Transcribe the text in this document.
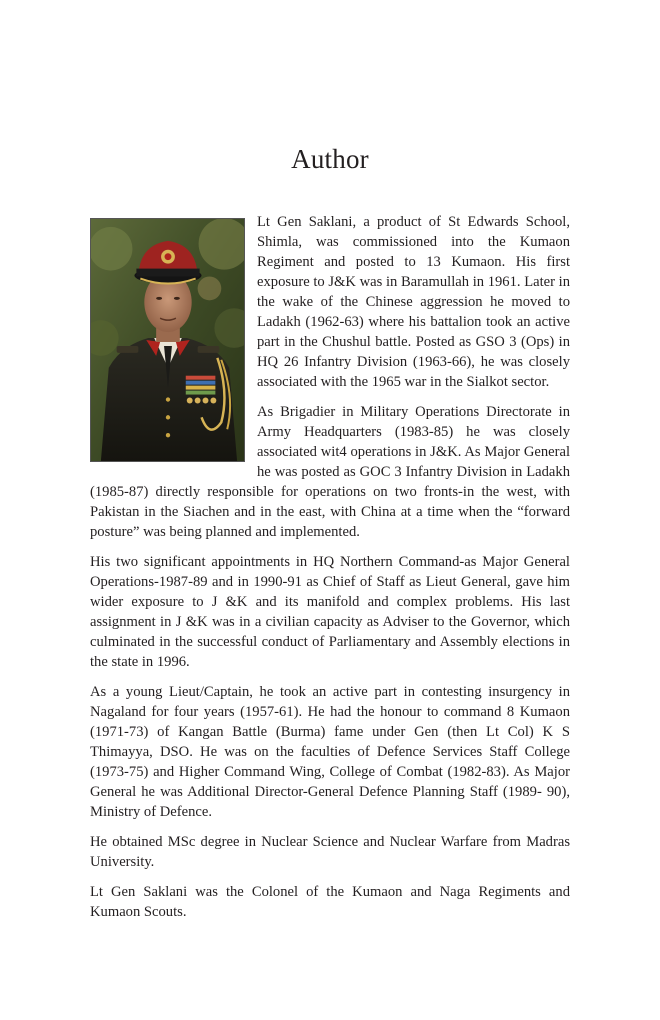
Author

Lt Gen Saklani, a product of St Edwards School, Shimla, was commissioned into the Kumaon Regiment and posted to 13 Kumaon. His first exposure to J&K was in Baramullah in 1961. Later in the wake of the Chinese aggression he moved to Ladakh (1962-63) where his battalion took an active part in the Chushul battle. Posted as GSO 3 (Ops) in HQ 26 Infantry Division (1963-66), he was closely associated with the 1965 war in the Sialkot sector.

As Brigadier in Military Operations Directorate in Army Headquarters (1983-85) he was closely associated wit4 operations in J&K. As Major General he was posted as GOC 3 Infantry Division in Ladakh (1985-87) directly responsible for operations on two fronts-in the west, with Pakistan in the Siachen and in the east, with China at a time when the “forward posture” was being planned and implemented.

His two significant appointments in HQ Northern Command-as Major General Operations-1987-89 and in 1990-91 as Chief of Staff as Lieut General, gave him wider exposure to J &K and its manifold and complex problems. His last assignment in J &K was in a civilian capacity as Adviser to the Governor, which culminated in the successful conduct of Parliamentary and Assembly elections in the state in 1996.

As a young Lieut/Captain, he took an active part in contesting insurgency in Nagaland for four years (1957-61). He had the honour to command 8 Kumaon (1971-73) of Kangan Battle (Burma) fame under Gen (then Lt Col) K S Thimayya, DSO. He was on the faculties of Defence Services Staff College (1973-75) and Higher Command Wing, College of Combat (1982-83). As Major General he was Additional Director-General Defence Planning Staff (1989- 90), Ministry of Defence.

He obtained MSc degree in Nuclear Science and Nuclear Warfare from Madras University.

Lt Gen Saklani was the Colonel of the Kumaon and Naga Regiments and Kumaon Scouts.
